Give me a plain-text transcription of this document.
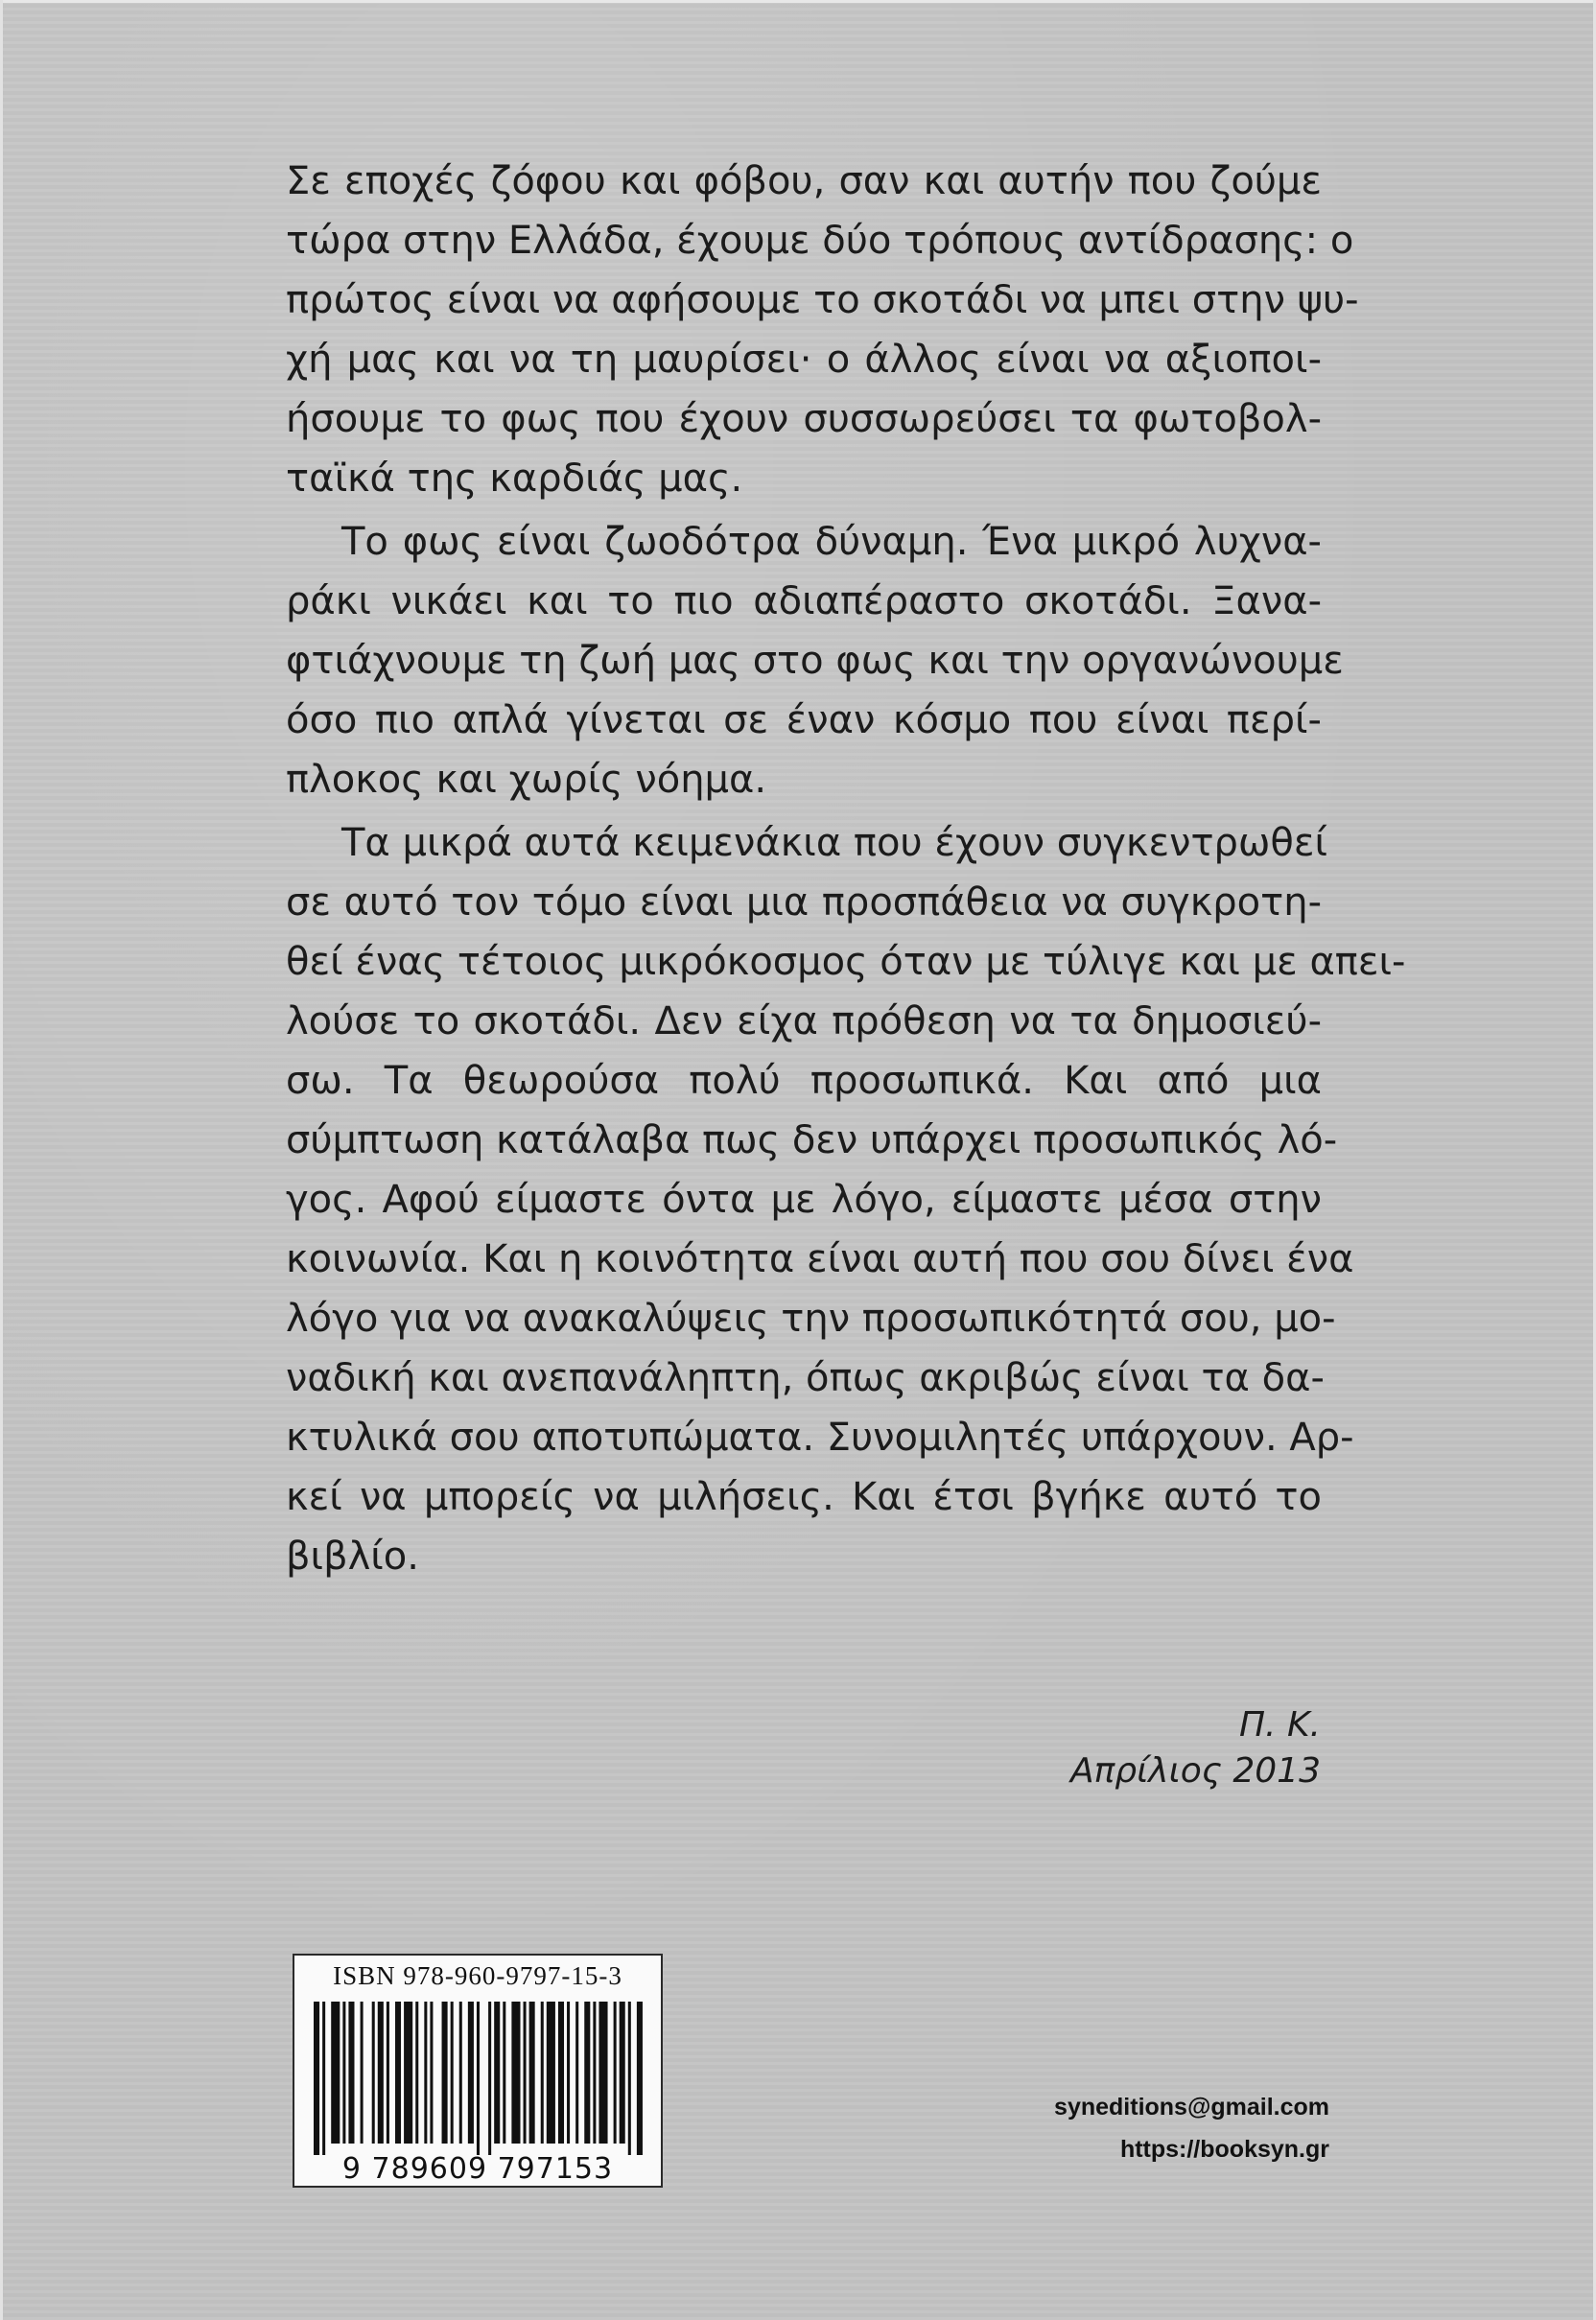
Σε εποχές ζόφου και φόβου, σαν και αυτήν που ζούμε
τώρα στην Ελλάδα, έχουμε δύο τρόπους αντίδρασης: ο
πρώτος είναι να αφήσουμε το σκοτάδι να μπει στην ψυ-
χή μας και να τη μαυρίσει· ο άλλος είναι να αξιοποι-
ήσουμε το φως που έχουν συσσωρεύσει τα φωτοβολ-
ταϊκά της καρδιάς μας.
Το φως είναι ζωοδότρα δύναμη. Ένα μικρό λυχνα-
ράκι νικάει και το πιο αδιαπέραστο σκοτάδι. Ξανα-
φτιάχνουμε τη ζωή μας στο φως και την οργανώνουμε
όσο πιο απλά γίνεται σε έναν κόσμο που είναι περί-
πλοκος και χωρίς νόημα.
Τα μικρά αυτά κειμενάκια που έχουν συγκεντρωθεί
σε αυτό τον τόμο είναι μια προσπάθεια να συγκροτη-
θεί ένας τέτοιος μικρόκοσμος όταν με τύλιγε και με απει-
λούσε το σκοτάδι. Δεν είχα πρόθεση να τα δημοσιεύ-
σω. Τα θεωρούσα πολύ προσωπικά. Και από μια
σύμπτωση κατάλαβα πως δεν υπάρχει προσωπικός λό-
γος. Αφού είμαστε όντα με λόγο, είμαστε μέσα στην
κοινωνία. Και η κοινότητα είναι αυτή που σου δίνει ένα
λόγο για να ανακαλύψεις την προσωπικότητά σου, μο-
ναδική και ανεπανάληπτη, όπως ακριβώς είναι τα δα-
κτυλικά σου αποτυπώματα. Συνομιλητές υπάρχουν. Αρ-
κεί να μπορείς να μιλήσεις. Και έτσι βγήκε αυτό το
βιβλίο.
Π. Κ.
Απρίλιος 2013
ISBN 978-960-9797-15-3
9 789609 797153
syneditions@gmail.com
https://booksyn.gr
